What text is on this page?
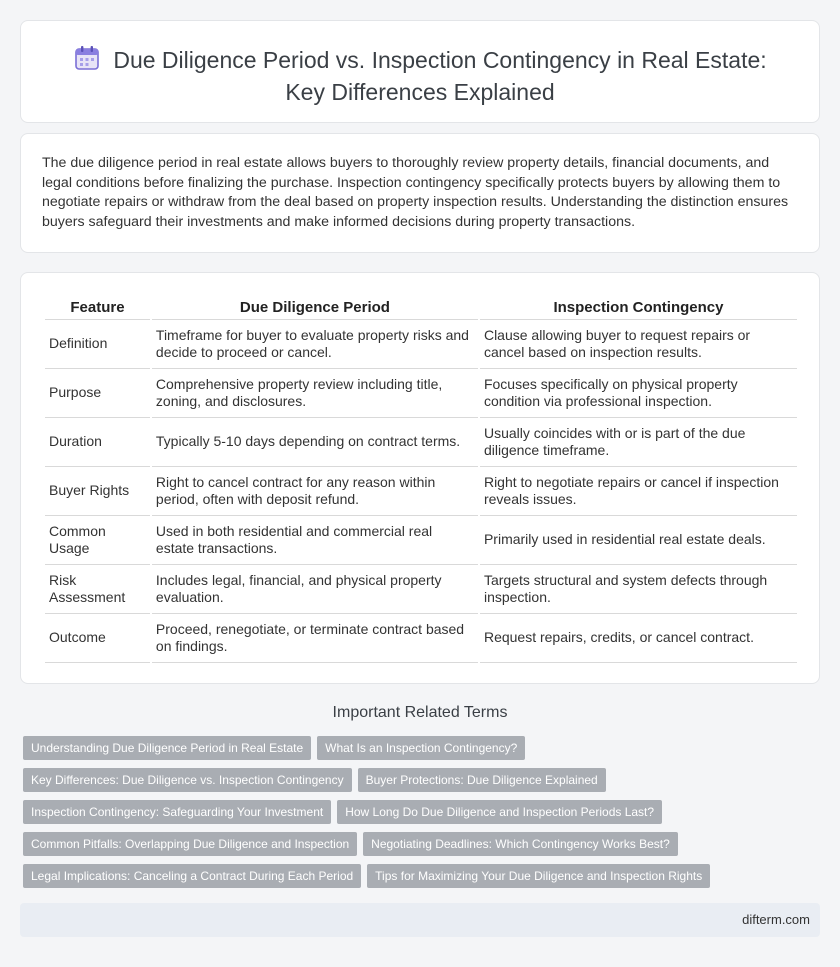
Due Diligence Period vs. Inspection Contingency in Real Estate:
Key Differences Explained

The due diligence period in real estate allows buyers to thoroughly review property details, financial documents, and legal conditions before finalizing the purchase. Inspection contingency specifically protects buyers by allowing them to negotiate repairs or withdraw from the deal based on property inspection results. Understanding the distinction ensures buyers safeguard their investments and make informed decisions during property transactions.

Feature	Due Diligence Period	Inspection Contingency
Definition	Timeframe for buyer to evaluate property risks and decide to proceed or cancel.	Clause allowing buyer to request repairs or cancel based on inspection results.
Purpose	Comprehensive property review including title, zoning, and disclosures.	Focuses specifically on physical property condition via professional inspection.
Duration	Typically 5-10 days depending on contract terms.	Usually coincides with or is part of the due diligence timeframe.
Buyer Rights	Right to cancel contract for any reason within period, often with deposit refund.	Right to negotiate repairs or cancel if inspection reveals issues.
Common Usage	Used in both residential and commercial real estate transactions.	Primarily used in residential real estate deals.
Risk Assessment	Includes legal, financial, and physical property evaluation.	Targets structural and system defects through inspection.
Outcome	Proceed, renegotiate, or terminate contract based on findings.	Request repairs, credits, or cancel contract.
Important Related Terms
Understanding Due Diligence Period in Real Estate What Is an Inspection Contingency?
Key Differences: Due Diligence vs. Inspection Contingency Buyer Protections: Due Diligence Explained
Inspection Contingency: Safeguarding Your Investment How Long Do Due Diligence and Inspection Periods Last?
Common Pitfalls: Overlapping Due Diligence and Inspection Negotiating Deadlines: Which Contingency Works Best?
Legal Implications: Canceling a Contract During Each Period Tips for Maximizing Your Due Diligence and Inspection Rights
difterm.com
